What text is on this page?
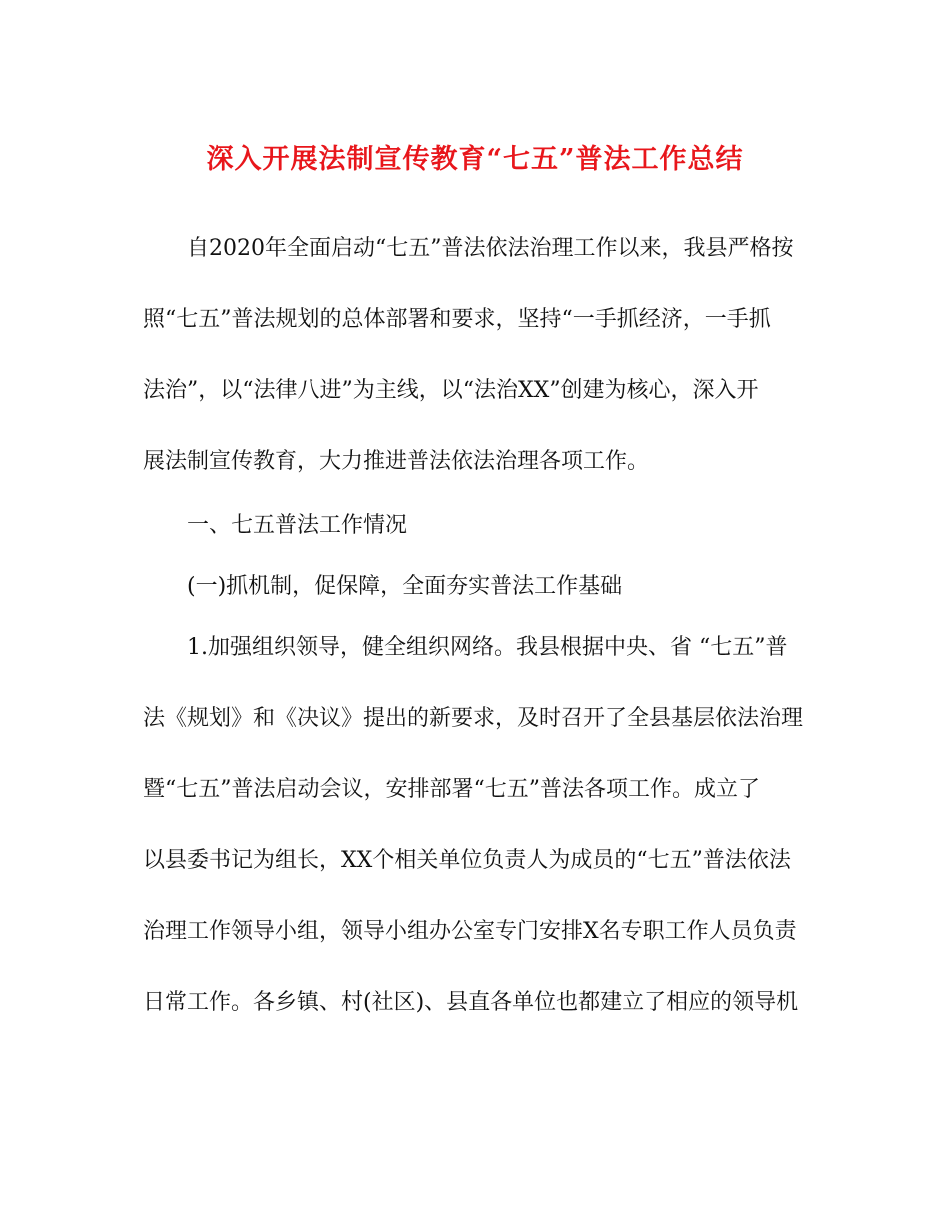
深入开展法制宣传教育“七五”普法工作总结

自2020年全面启动“七五”普法依法治理工作以来，我县严格按

照“七五”普法规划的总体部署和要求，坚持“一手抓经济，一手抓

法治”，以“法律八进”为主线，以“法治XX”创建为核心，深入开

展法制宣传教育，大力推进普法依法治理各项工作。

一、七五普法工作情况

(一)抓机制，促保障，全面夯实普法工作基础

1.加强组织领导，健全组织网络。我县根据中央、省 “七五”普

法《规划》和《决议》提出的新要求，及时召开了全县基层依法治理

暨“七五”普法启动会议，安排部署“七五”普法各项工作。成立了

以县委书记为组长，XX个相关单位负责人为成员的“七五”普法依法

治理工作领导小组，领导小组办公室专门安排X名专职工作人员负责

日常工作。各乡镇、村(社区)、县直各单位也都建立了相应的领导机
